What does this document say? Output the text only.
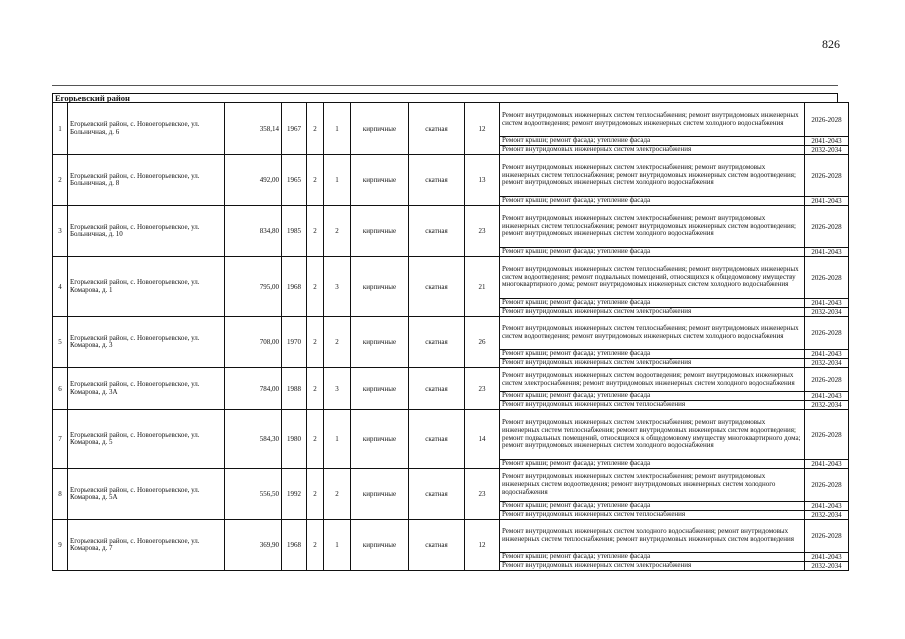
826
Егорьевский район
1	Егорьевский район, с. Новоегорьевское, ул. Больничная, д. 6	358,14	1967	2	1	кирпичные	скатная	12	Ремонт внутридомовых инженерных систем теплоснабжения; ремонт внутридомовых инженерных систем водоотведения; ремонт внутридомовых инженерных систем холодного водоснабжения	2026-2028
									Ремонт крыши; ремонт фасада; утепление фасада	2041-2043
									Ремонт внутридомовых инженерных систем электроснабжения	2032-2034
2	Егорьевский район, с. Новоегорьевское, ул. Больничная, д. 8	492,00	1965	2	1	кирпичные	скатная	13	Ремонт внутридомовых инженерных систем электроснабжения; ремонт внутридомовых инженерных систем теплоснабжения; ремонт внутридомовых инженерных систем водоотведения; ремонт внутридомовых инженерных систем холодного водоснабжения	2026-2028
									Ремонт крыши; ремонт фасада; утепление фасада	2041-2043
3	Егорьевский район, с. Новоегорьевское, ул. Больничная, д. 10	834,80	1985	2	2	кирпичные	скатная	23	Ремонт внутридомовых инженерных систем электроснабжения; ремонт внутридомовых инженерных систем теплоснабжения; ремонт внутридомовых инженерных систем водоотведения; ремонт внутридомовых инженерных систем холодного водоснабжения	2026-2028
									Ремонт крыши; ремонт фасада; утепление фасада	2041-2043
4	Егорьевский район, с. Новоегорьевское, ул. Комарова, д. 1	795,00	1968	2	3	кирпичные	скатная	21	Ремонт внутридомовых инженерных систем теплоснабжения; ремонт внутридомовых инженерных систем водоотведения; ремонт подвальных помещений, относящихся к общедомовому имуществу многоквартирного дома; ремонт внутридомовых инженерных систем холодного водоснабжения	2026-2028
									Ремонт крыши; ремонт фасада; утепление фасада	2041-2043
									Ремонт внутридомовых инженерных систем электроснабжения	2032-2034
5	Егорьевский район, с. Новоегорьевское, ул. Комарова, д. 3	708,00	1970	2	2	кирпичные	скатная	26	Ремонт внутридомовых инженерных систем теплоснабжения; ремонт внутридомовых инженерных систем водоотведения; ремонт внутридомовых инженерных систем холодного водоснабжения	2026-2028
									Ремонт крыши; ремонт фасада; утепление фасада	2041-2043
									Ремонт внутридомовых инженерных систем электроснабжения	2032-2034
6	Егорьевский район, с. Новоегорьевское, ул. Комарова, д. 3А	784,00	1988	2	3	кирпичные	скатная	23	Ремонт внутридомовых инженерных систем водоотведения; ремонт внутридомовых инженерных систем электроснабжения; ремонт внутридомовых инженерных систем холодного водоснабжения	2026-2028
									Ремонт крыши; ремонт фасада; утепление фасада	2041-2043
									Ремонт внутридомовых инженерных систем теплоснабжения	2032-2034
7	Егорьевский район, с. Новоегорьевское, ул. Комарова, д. 5	584,30	1980	2	1	кирпичные	скатная	14	Ремонт внутридомовых инженерных систем электроснабжения; ремонт внутридомовых инженерных систем теплоснабжения; ремонт внутридомовых инженерных систем водоотведения; ремонт подвальных помещений, относящихся к общедомовому имуществу многоквартирного дома; ремонт внутридомовых инженерных систем холодного водоснабжения	2026-2028
									Ремонт крыши; ремонт фасада; утепление фасада	2041-2043
8	Егорьевский район, с. Новоегорьевское, ул. Комарова, д. 5А	556,50	1992	2	2	кирпичные	скатная	23	Ремонт внутридомовых инженерных систем электроснабжения; ремонт внутридомовых инженерных систем водоотведения; ремонт внутридомовых инженерных систем холодного водоснабжения	2026-2028
									Ремонт крыши; ремонт фасада; утепление фасада	2041-2043
									Ремонт внутридомовых инженерных систем теплоснабжения	2032-2034
9	Егорьевский район, с. Новоегорьевское, ул. Комарова, д. 7	369,90	1968	2	1	кирпичные	скатная	12	Ремонт внутридомовых инженерных систем холодного водоснабжения; ремонт внутридомовых инженерных систем теплоснабжения; ремонт внутридомовых инженерных систем водоотведения	2026-2028
									Ремонт крыши; ремонт фасада; утепление фасада	2041-2043
									Ремонт внутридомовых инженерных систем электроснабжения	2032-2034
